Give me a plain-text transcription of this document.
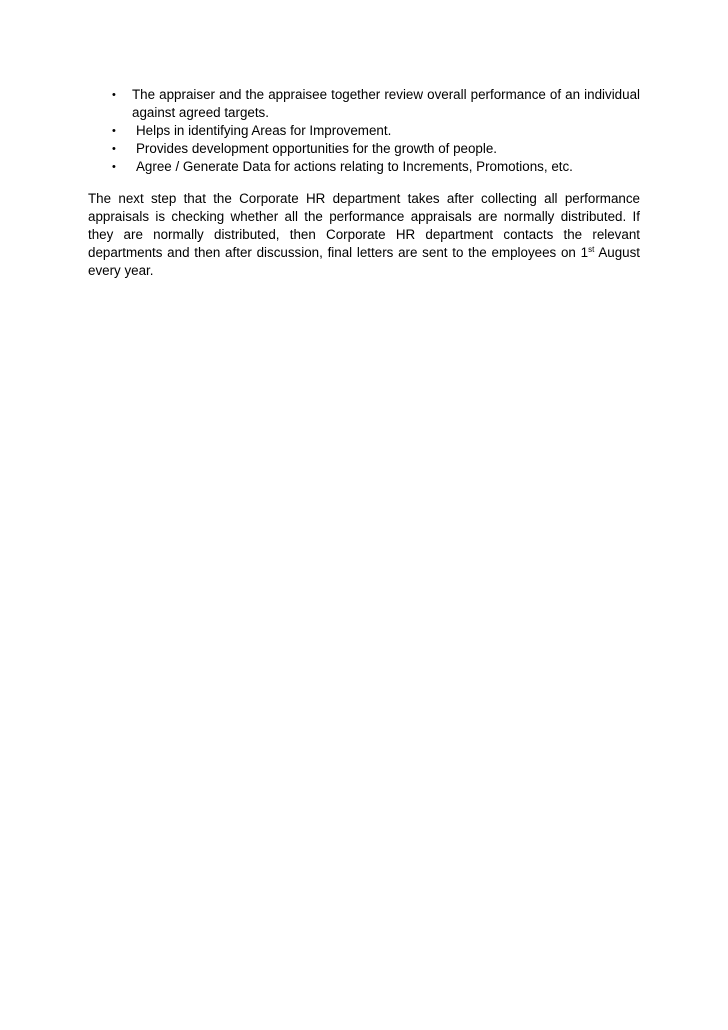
• The appraiser and the appraisee together review overall performance of an individual against agreed targets.
• Helps in identifying Areas for Improvement.
• Provides development opportunities for the growth of people.
• Agree / Generate Data for actions relating to Increments, Promotions, etc.

The next step that the Corporate HR department takes after collecting all performance appraisals is checking whether all the performance appraisals are normally distributed. If they are normally distributed, then Corporate HR department contacts the relevant departments and then after discussion, final letters are sent to the employees on 1st August every year.
